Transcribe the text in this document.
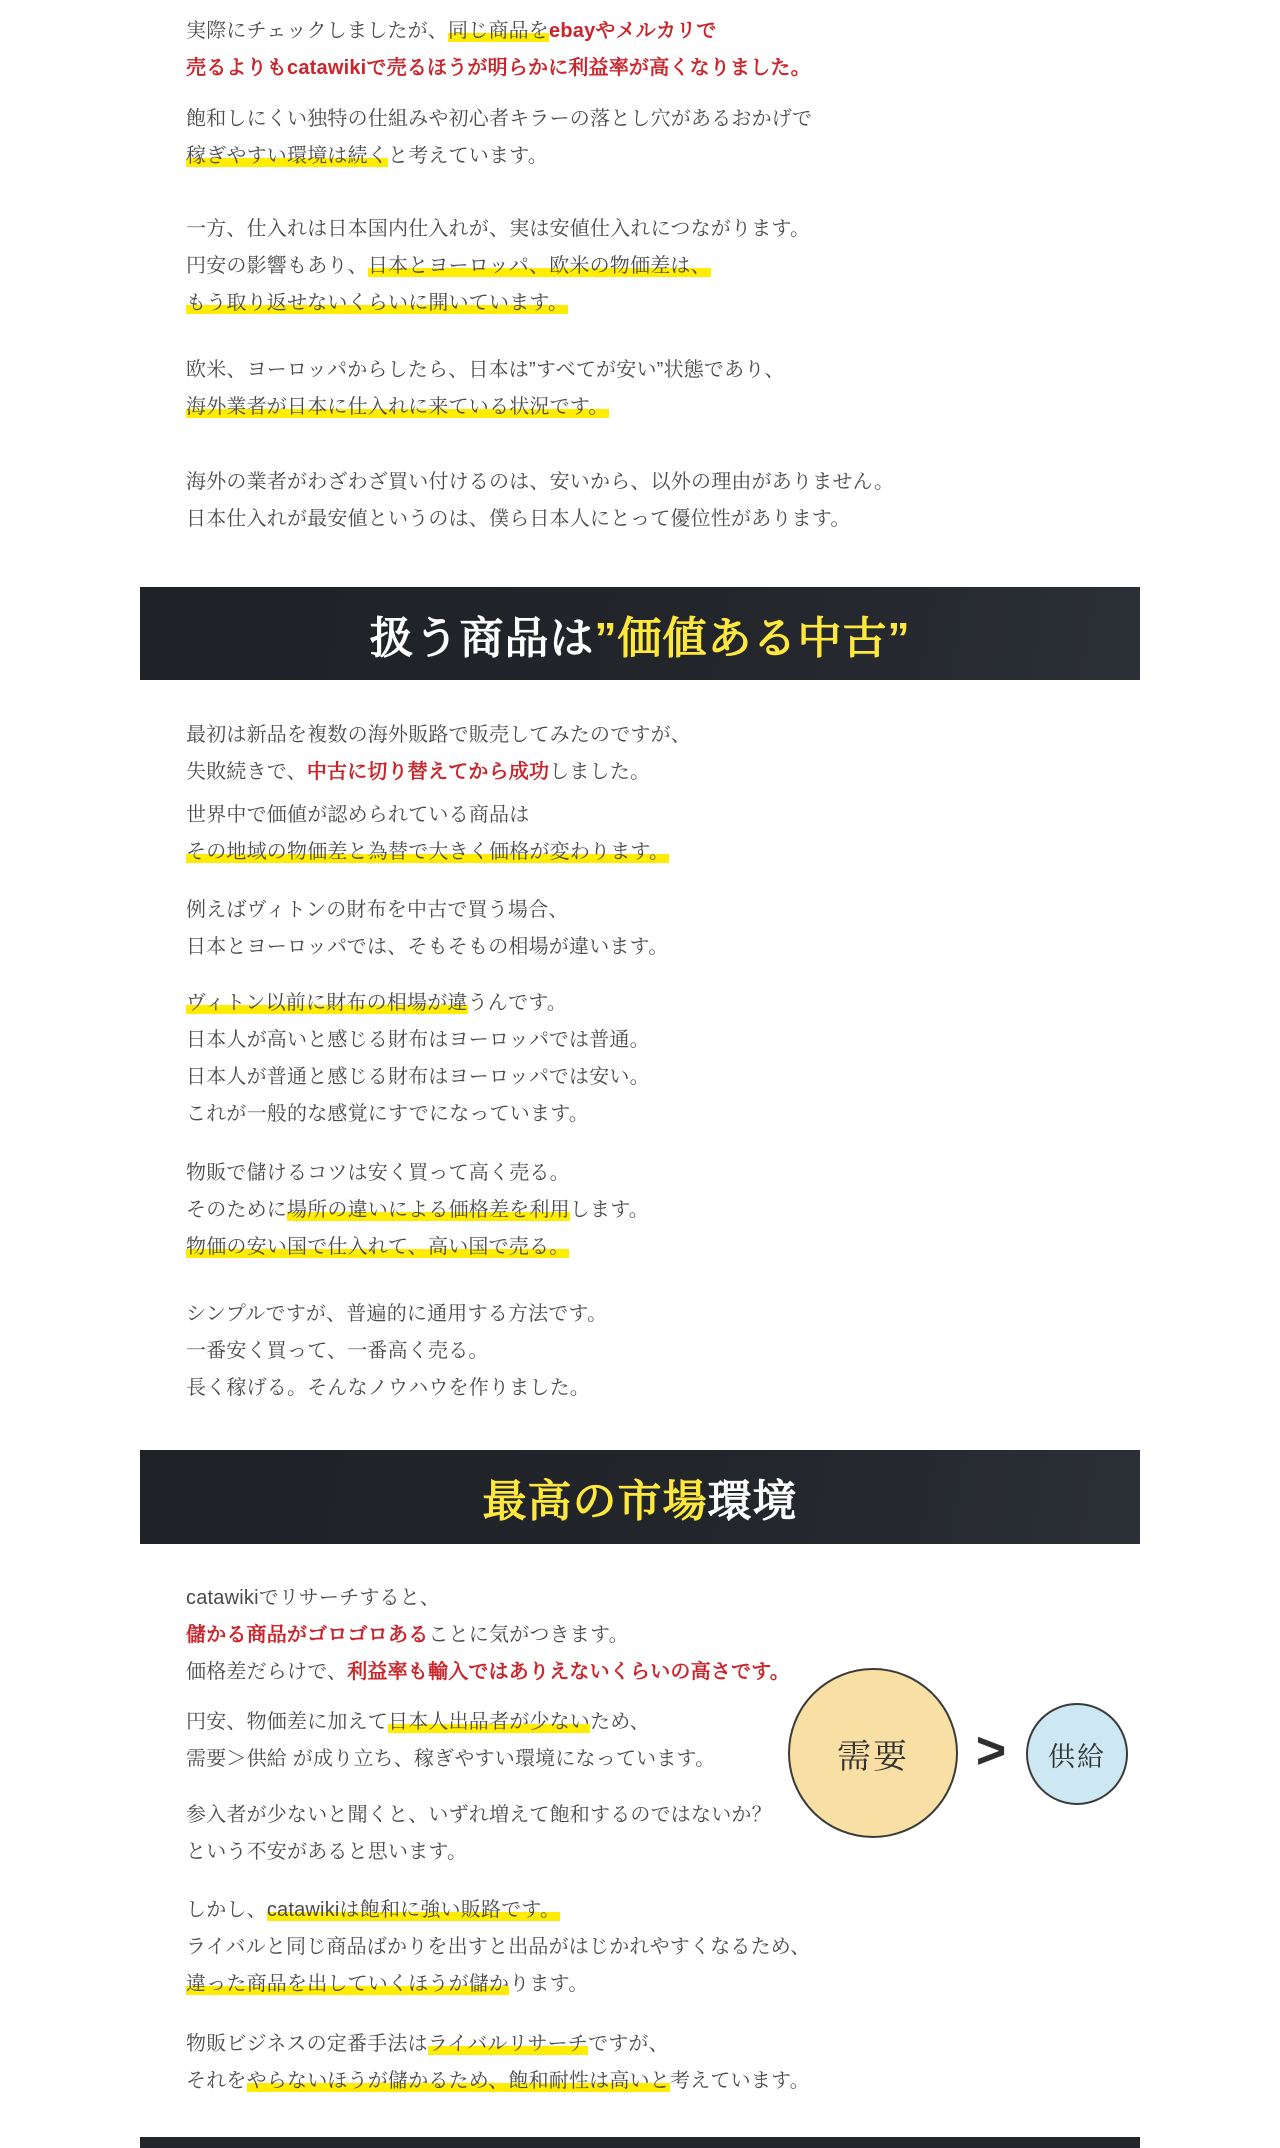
実際にチェックしましたが、同じ商品をebayやメルカリで
売るよりもcatawikiで売るほうが明らかに利益率が高くなりました。
飽和しにくい独特の仕組みや初心者キラーの落とし穴があるおかげで
稼ぎやすい環境は続くと考えています。
一方、仕入れは日本国内仕入れが、実は安値仕入れにつながります。
円安の影響もあり、日本とヨーロッパ、欧米の物価差は、
もう取り返せないくらいに開いています。
欧米、ヨーロッパからしたら、日本は”すべてが安い”状態であり、
海外業者が日本に仕入れに来ている状況です。
海外の業者がわざわざ買い付けるのは、安いから、以外の理由がありません。
日本仕入れが最安値というのは、僕ら日本人にとって優位性があります。
扱う商品は ”価値ある中古”
最初は新品を複数の海外販路で販売してみたのですが、
失敗続きで、中古に切り替えてから成功しました。
世界中で価値が認められている商品は
その地域の物価差と為替で大きく価格が変わります。
例えばヴィトンの財布を中古で買う場合、
日本とヨーロッパでは、そもそもの相場が違います。
ヴィトン以前に財布の相場が違うんです。
日本人が高いと感じる財布はヨーロッパでは普通。
日本人が普通と感じる財布はヨーロッパでは安い。
これが一般的な感覚にすでになっています。
物販で儲けるコツは安く買って高く売る。
そのために場所の違いによる価格差を利用します。
物価の安い国で仕入れて、高い国で売る。
シンプルですが、普遍的に通用する方法です。
一番安く買って、一番高く売る。
長く稼げる。そんなノウハウを作りました。
最高の市場 環境
catawikiでリサーチすると、
儲かる商品がゴロゴロあることに気がつきます。
価格差だらけで、利益率も輸入ではありえないくらいの高さです。
円安、物価差に加えて日本人出品者が少ないため、
需要＞供給 が成り立ち、稼ぎやすい環境になっています。
参入者が少ないと聞くと、いずれ増えて飽和するのではないか？
という不安があると思います。
しかし、catawikiは飽和に強い販路です。
ライバルと同じ商品ばかりを出すと出品がはじかれやすくなるため、
違った商品を出していくほうが儲かります。
物販ビジネスの定番手法はライバルリサーチですが、
それをやらないほうが儲かるため、飽和耐性は高いと考えています。
需要 >	供給
